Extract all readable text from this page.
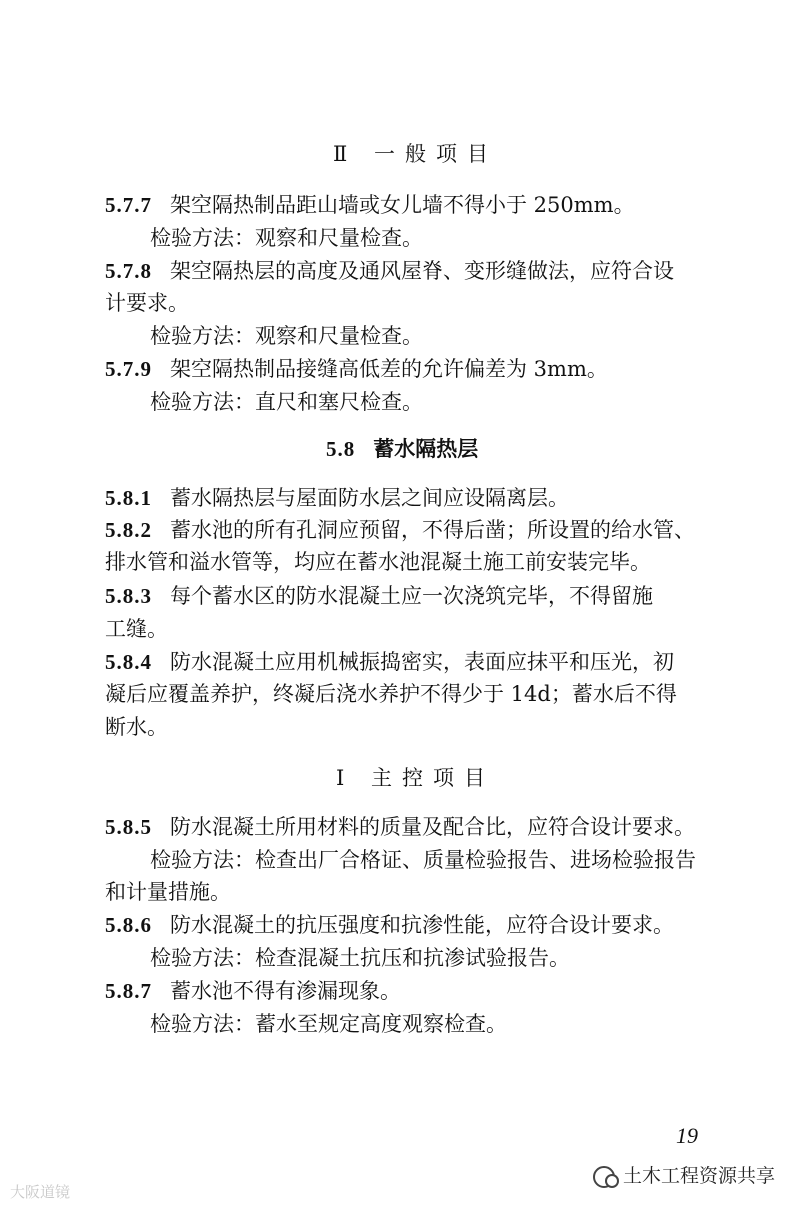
Ⅱ 一般项目
5.7.7 架空隔热制品距山墙或女儿墙不得小于 250mm。
检验方法：观察和尺量检查。
5.7.8 架空隔热层的高度及通风屋脊、变形缝做法，应符合设
计要求。
检验方法：观察和尺量检查。
5.7.9 架空隔热制品接缝高低差的允许偏差为 3mm。
检验方法：直尺和塞尺检查。
5.8 蓄水隔热层
5.8.1 蓄水隔热层与屋面防水层之间应设隔离层。
5.8.2 蓄水池的所有孔洞应预留，不得后凿；所设置的给水管、
排水管和溢水管等，均应在蓄水池混凝土施工前安装完毕。
5.8.3 每个蓄水区的防水混凝土应一次浇筑完毕，不得留施
工缝。
5.8.4 防水混凝土应用机械振捣密实，表面应抹平和压光，初
凝后应覆盖养护，终凝后浇水养护不得少于 14d；蓄水后不得
断水。
Ⅰ 主控项目
5.8.5 防水混凝土所用材料的质量及配合比，应符合设计要求。
检验方法：检查出厂合格证、质量检验报告、进场检验报告
和计量措施。
5.8.6 防水混凝土的抗压强度和抗渗性能，应符合设计要求。
检验方法：检查混凝土抗压和抗渗试验报告。
5.8.7 蓄水池不得有渗漏现象。
检验方法：蓄水至规定高度观察检查。
19
土木工程资源共享
大阪道镜
